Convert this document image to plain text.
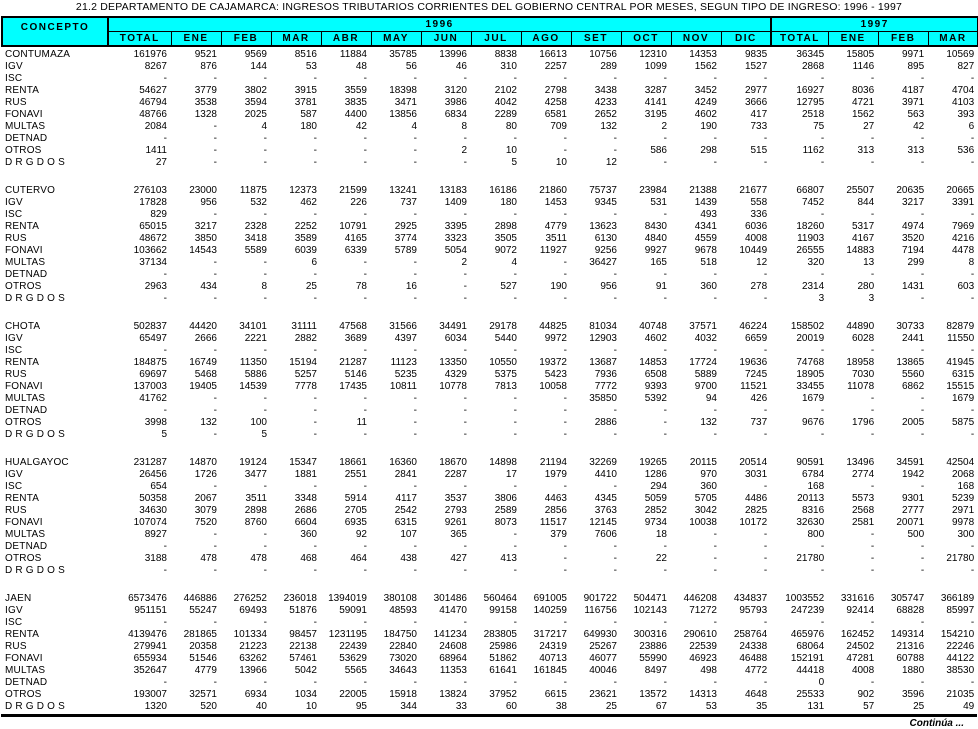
21.2 DEPARTAMENTO DE CAJAMARCA: INGRESOS TRIBUTARIOS CORRIENTES DEL GOBIERNO CENTRAL POR MESES, SEGUN TIPO DE INGRESO: 1996 - 1997
CONCEPTO	1996													1997			
	TOTAL	ENE	FEB	MAR	ABR	MAY	JUN	JUL	AGO	SET	OCT	NOV	DIC	TOTAL	ENE	FEB	MAR
CONTUMAZA	161976	9521	9569	8516	11884	35785	13996	8838	16613	10756	12310	14353	9835	36345	15805	9971	10569
IGV	8267	876	144	53	48	56	46	310	2257	289	1099	1562	1527	2868	1146	895	827
ISC	-	-	-	-	-	-	-	-	-	-	-	-	-	-	-	-	-
RENTA	54627	3779	3802	3915	3559	18398	3120	2102	2798	3438	3287	3452	2977	16927	8036	4187	4704
RUS	46794	3538	3594	3781	3835	3471	3986	4042	4258	4233	4141	4249	3666	12795	4721	3971	4103
FONAVI	48766	1328	2025	587	4400	13856	6834	2289	6581	2652	3195	4602	417	2518	1562	563	393
MULTAS	2084	-	4	180	42	4	8	80	709	132	2	190	733	75	27	42	6
DETNAD	-	-	-	-	-	-	-	-	-	-	-	-	-	-	-	-	-
OTROS	1411	-	-	-	-	-	2	10	-	-	586	298	515	1162	313	313	536
D R G D O S	27	-	-	-	-	-	-	5	10	12	-	-	-	-	-	-	-

CUTERVO	276103	23000	11875	12373	21599	13241	13183	16186	21860	75737	23984	21388	21677	66807	25507	20635	20665
IGV	17828	956	532	462	226	737	1409	180	1453	9345	531	1439	558	7452	844	3217	3391
ISC	829	-	-	-	-	-	-	-	-	-	-	493	336	-	-	-	-
RENTA	65015	3217	2328	2252	10791	2925	3395	2898	4779	13623	8430	4341	6036	18260	5317	4974	7969
RUS	48672	3850	3418	3589	4165	3774	3323	3505	3511	6130	4840	4559	4008	11903	4167	3520	4216
FONAVI	103662	14543	5589	6039	6339	5789	5054	9072	11927	9256	9927	9678	10449	26555	14883	7194	4478
MULTAS	37134	-	-	6	-	-	2	4	-	36427	165	518	12	320	13	299	8
DETNAD	-	-	-	-	-	-	-	-	-	-	-	-	-	-	-	-	-
OTROS	2963	434	8	25	78	16	-	527	190	956	91	360	278	2314	280	1431	603
D R G D O S	-	-	-	-	-	-	-	-	-	-	-	-	-	3	3	-	-

CHOTA	502837	44420	34101	31111	47568	31566	34491	29178	44825	81034	40748	37571	46224	158502	44890	30733	82879
IGV	65497	2666	2221	2882	3689	4397	6034	5440	9972	12903	4602	4032	6659	20019	6028	2441	11550
ISC	-	-	-	-	-	-	-	-	-	-	-	-	-	-	-	-	-
RENTA	184875	16749	11350	15194	21287	11123	13350	10550	19372	13687	14853	17724	19636	74768	18958	13865	41945
RUS	69697	5468	5886	5257	5146	5235	4329	5375	5423	7936	6508	5889	7245	18905	7030	5560	6315
FONAVI	137003	19405	14539	7778	17435	10811	10778	7813	10058	7772	9393	9700	11521	33455	11078	6862	15515
MULTAS	41762	-	-	-	-	-	-	-	-	35850	5392	94	426	1679	-	-	1679
DETNAD	-	-	-	-	-	-	-	-	-	-	-	-	-	-	-	-	-
OTROS	3998	132	100	-	11	-	-	-	-	2886	-	132	737	9676	1796	2005	5875
D R G D O S	5	-	5	-	-	-	-	-	-	-	-	-	-	-	-	-	-

HUALGAYOC	231287	14870	19124	15347	18661	16360	18670	14898	21194	32269	19265	20115	20514	90591	13496	34591	42504
IGV	26456	1726	3477	1881	2551	2841	2287	17	1979	4410	1286	970	3031	6784	2774	1942	2068
ISC	654	-	-	-	-	-	-	-	-	-	294	360	-	168	-	-	168
RENTA	50358	2067	3511	3348	5914	4117	3537	3806	4463	4345	5059	5705	4486	20113	5573	9301	5239
RUS	34630	3079	2898	2686	2705	2542	2793	2589	2856	3763	2852	3042	2825	8316	2568	2777	2971
FONAVI	107074	7520	8760	6604	6935	6315	9261	8073	11517	12145	9734	10038	10172	32630	2581	20071	9978
MULTAS	8927	-	-	360	92	107	365	-	379	7606	18	-	-	800	-	500	300
DETNAD	-	-	-	-	-	-	-	-	-	-	-	-	-	-	-	-	-
OTROS	3188	478	478	468	464	438	427	413	-	-	22	-	-	21780	-	-	21780
D R G D O S	-	-	-	-	-	-	-	-	-	-	-	-	-	-	-	-	-

JAEN	6573476	446886	276252	236018	1394019	380108	301486	560464	691005	901722	504471	446208	434837	1003552	331616	305747	366189
IGV	951151	55247	69493	51876	59091	48593	41470	99158	140259	116756	102143	71272	95793	247239	92414	68828	85997
ISC	-	-	-	-	-	-	-	-	-	-	-	-	-	-	-	-	-
RENTA	4139476	281865	101334	98457	1231195	184750	141234	283805	317217	649930	300316	290610	258764	465976	162452	149314	154210
RUS	279941	20358	21223	22138	22439	22840	24608	25986	24319	25267	23886	22539	24338	68064	24502	21316	22246
FONAVI	655934	51546	63262	57461	53629	73020	68964	51862	40713	46077	55990	46923	46488	152191	47281	60788	44122
MULTAS	352647	4779	13966	5042	5565	34643	11353	61641	161845	40046	8497	498	4772	44418	4008	1880	38530
DETNAD	-	-	-	-	-	-	-	-	-	-	-	-	-	0	-	-	-
OTROS	193007	32571	6934	1034	22005	15918	13824	37952	6615	23621	13572	14313	4648	25533	902	3596	21035
D R G D O S	1320	520	40	10	95	344	33	60	38	25	67	53	35	131	57	25	49
Continúa ...
